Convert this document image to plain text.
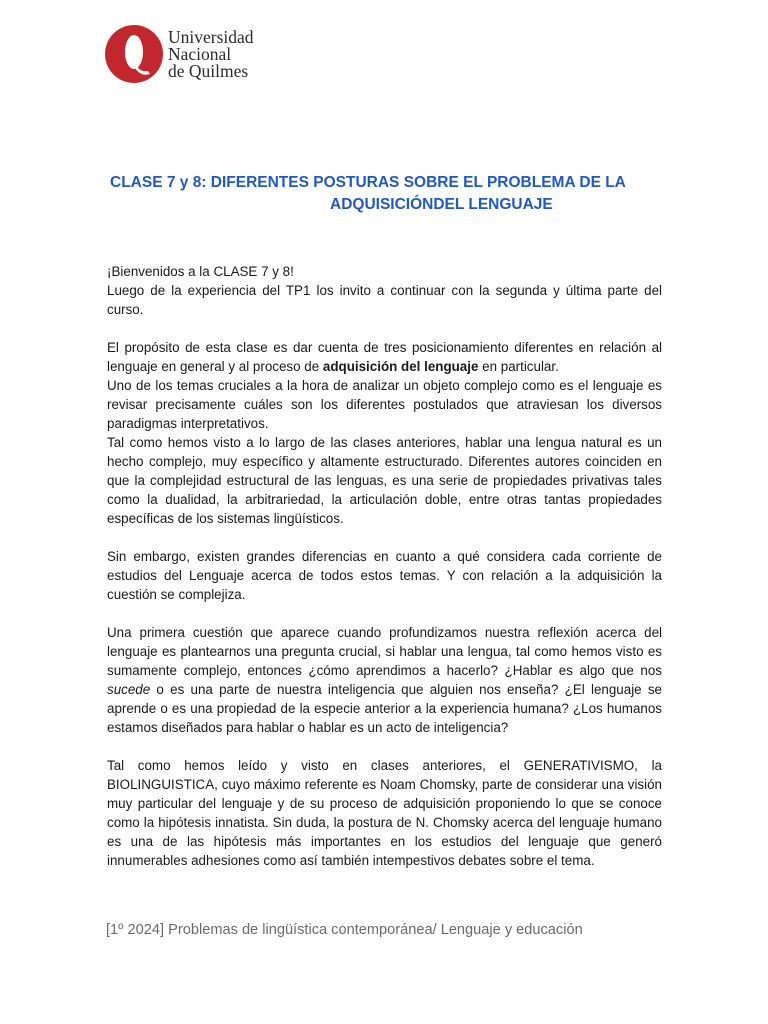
Universidad
Nacional
de Quilmes
CLASE 7 y 8: DIFERENTES POSTURAS SOBRE EL PROBLEMA DE LA
ADQUISICIÓNDEL LENGUAJE

¡Bienvenidos a la CLASE 7 y 8!

Luego de la experiencia del TP1 los invito a continuar con la segunda y última parte del curso.

El propósito de esta clase es dar cuenta de tres posicionamiento diferentes en relación al lenguaje en general y al proceso de adquisición del lenguaje en particular.

Uno de los temas cruciales a la hora de analizar un objeto complejo como es el lenguaje es revisar precisamente cuáles son los diferentes postulados que atraviesan los diversos paradigmas interpretativos.

Tal como hemos visto a lo largo de las clases anteriores, hablar una lengua natural es un hecho complejo, muy específico y altamente estructurado. Diferentes autores coinciden en que la complejidad estructural de las lenguas, es una serie de propiedades privativas tales como la dualidad, la arbitrariedad, la articulación doble, entre otras tantas propiedades específicas de los sistemas lingüísticos.

Sin embargo, existen grandes diferencias en cuanto a qué considera cada corriente de estudios del Lenguaje acerca de todos estos temas. Y con relación a la adquisición la cuestión se complejiza.

Una primera cuestión que aparece cuando profundizamos nuestra reflexión acerca del lenguaje es plantearnos una pregunta crucial, si hablar una lengua, tal como hemos visto es sumamente complejo, entonces ¿cómo aprendimos a hacerlo? ¿Hablar es algo que nos sucede o es una parte de nuestra inteligencia que alguien nos enseña? ¿El lenguaje se aprende o es una propiedad de la especie anterior a la experiencia humana? ¿Los humanos estamos diseñados para hablar o hablar es un acto de inteligencia?

Tal como hemos leído y visto en clases anteriores, el GENERATIVISMO, la BIOLINGUISTICA, cuyo máximo referente es Noam Chomsky, parte de considerar una visión muy particular del lenguaje y de su proceso de adquisición proponiendo lo que se conoce como la hipótesis innatista. Sin duda, la postura de N. Chomsky acerca del lenguaje humano es una de las hipótesis más importantes en los estudios del lenguaje que generó innumerables adhesiones como así también intempestivos debates sobre el tema.

[1º 2024] Problemas de lingüística contemporánea/ Lenguaje y educación
